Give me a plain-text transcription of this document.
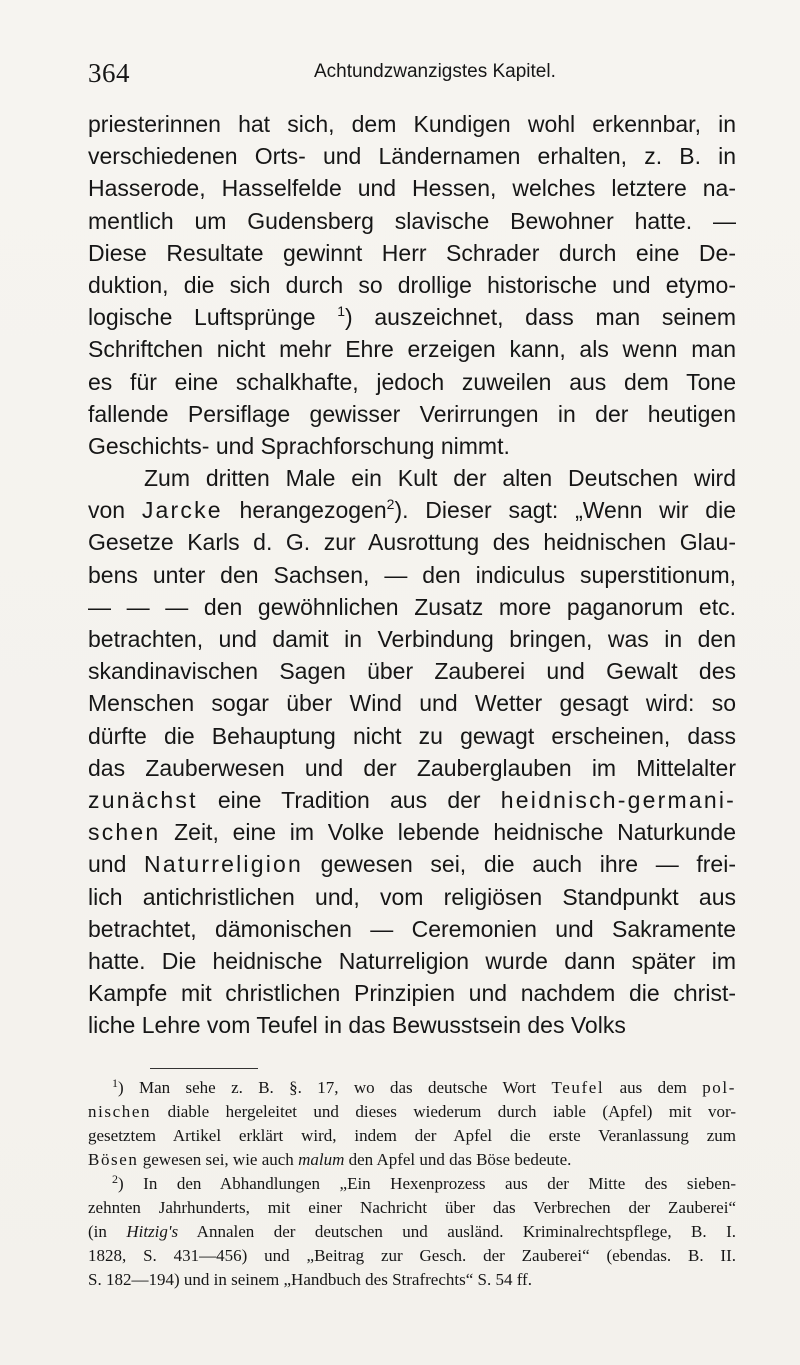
364	Achtundzwanzigstes Kapitel.
priesterinnen hat sich, dem Kundigen wohl erkennbar, in
verschiedenen Orts- und Ländernamen erhalten, z. B. in
Hasserode, Hasselfelde und Hessen, welches letztere na-
mentlich um Gudensberg slavische Bewohner hatte. —
Diese Resultate gewinnt Herr Schrader durch eine De-
duktion, die sich durch so drollige historische und etymo-
logische Luftsprünge $^1$) auszeichnet, dass man seinem
Schriftchen nicht mehr Ehre erzeigen kann, als wenn man
es für eine schalkhafte, jedoch zuweilen aus dem Tone
fallende Persiflage gewisser Verirrungen in der heutigen
Geschichts- und Sprachforschung nimmt.
Zum dritten Male ein Kult der alten Deutschen wird
von Jarcke herangezogen$^2$). Dieser sagt: „Wenn wir die
Gesetze Karls d. G. zur Ausrottung des heidnischen Glau-
bens unter den Sachsen, — den indiculus superstitionum,
— — — den gewöhnlichen Zusatz more paganorum etc.
betrachten, und damit in Verbindung bringen, was in den
skandinavischen Sagen über Zauberei und Gewalt des
Menschen sogar über Wind und Wetter gesagt wird: so
dürfte die Behauptung nicht zu gewagt erscheinen, dass
das Zauberwesen und der Zauberglauben im Mittelalter
zunächst eine Tradition aus der heidnisch-germani-
schen Zeit, eine im Volke lebende heidnische Naturkunde
und Naturreligion gewesen sei, die auch ihre — frei-
lich antichristlichen und, vom religiösen Standpunkt aus
betrachtet, dämonischen — Ceremonien und Sakramente
hatte. Die heidnische Naturreligion wurde dann später im
Kampfe mit christlichen Prinzipien und nachdem die christ-
liche Lehre vom Teufel in das Bewusstsein des Volks
$^1$) Man sehe z. B. §. 17, wo das deutsche Wort Teufel aus dem pol-
nischen diable hergeleitet und dieses wiederum durch iable (Apfel) mit vor-
gesetztem Artikel erklärt wird, indem der Apfel die erste Veranlassung zum
Bösen gewesen sei, wie auch malum den Apfel und das Böse bedeute.
$^2$) In den Abhandlungen „Ein Hexenprozess aus der Mitte des sieben-
zehnten Jahrhunderts, mit einer Nachricht über das Verbrechen der Zauberei“
(in Hitzig's Annalen der deutschen und ausländ. Kriminalrechtspflege, B. I.
1828, S. 431—456) und „Beitrag zur Gesch. der Zauberei“ (ebendas. B. II.
S. 182—194) und in seinem „Handbuch des Strafrechts“ S. 54 ff.
